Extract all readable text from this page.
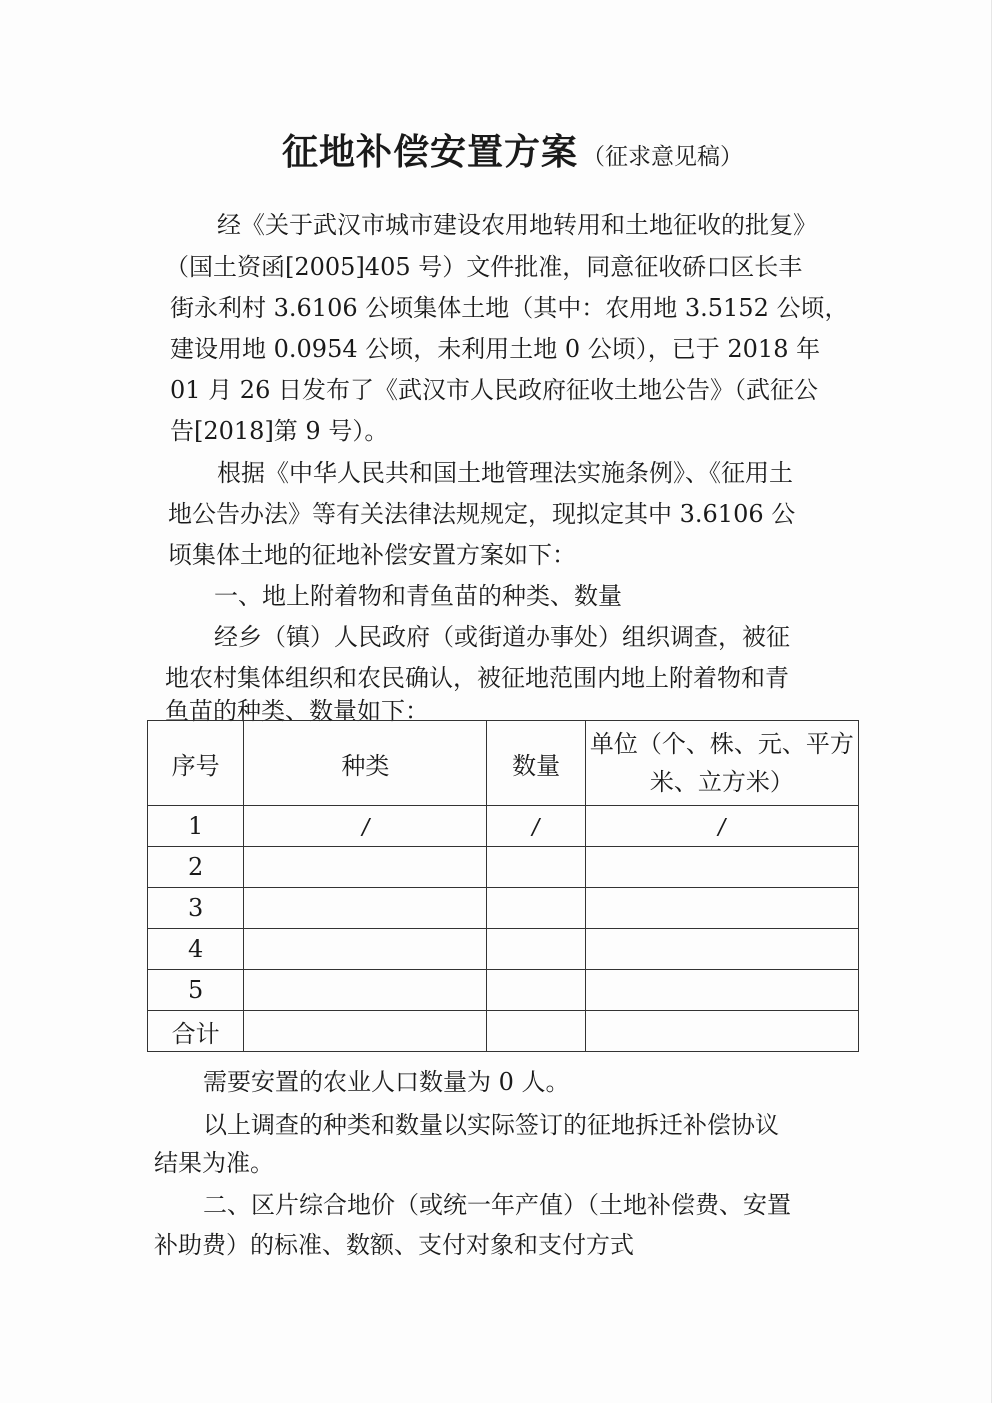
征地补偿安置方案 （征求意见稿）
经《关于武汉市城市建设农用地转用和土地征收的批复》
（国土资函[2005]405 号）文件批准，同意征收硚口区长丰
街永利村 3.6106 公顷集体土地（其中：农用地 3.5152 公顷，
建设用地 0.0954 公顷，未利用土地 0 公顷），已于 2018 年
01 月 26 日发布了《武汉市人民政府征收土地公告》（武征公
告[2018]第 9 号）。
根据《中华人民共和国土地管理法实施条例》、《征用土
地公告办法》等有关法律法规规定，现拟定其中 3.6106 公
顷集体土地的征地补偿安置方案如下：
一、地上附着物和青鱼苗的种类、数量
经乡（镇）人民政府（或街道办事处）组织调查，被征
地农村集体组织和农民确认，被征地范围内地上附着物和青
鱼苗的种类、数量如下：
序号	种类	数量	单位（个、株、元、平方
米、立方米）

1	/	/	/
2			
3			
4			
5			
合计			
需要安置的农业人口数量为 0 人。
以上调查的种类和数量以实际签订的征地拆迁补偿协议
结果为准。
二、区片综合地价（或统一年产值）（土地补偿费、安置
补助费）的标准、数额、支付对象和支付方式
